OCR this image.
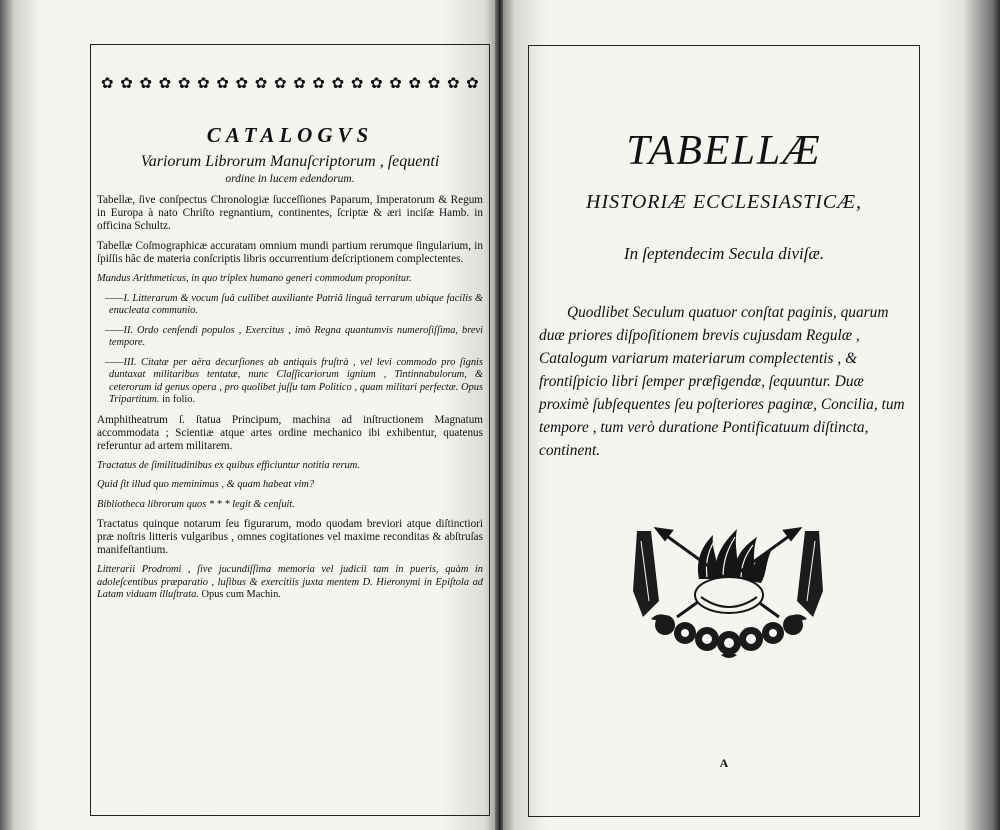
✿ ✿ ✿ ✿ ✿ ✿ ✿ ✿ ✿ ✿ ✿ ✿ ✿ ✿ ✿ ✿ ✿ ✿ ✿ ✿
CATALOGVS

Variorum Librorum Manuſcriptorum , ſequenti

ordine in lucem edendorum.

Tabellæ, ſive conſpectus Chronologiæ ſucceſſiones Paparum, Imperatorum & Regum in Europa à nato Chriſto regnantium, continentes, ſcriptæ & æri inciſæ Hamb. in officina Schultz.

Tabellæ Coſmographicæ accuratam omnium mundi partium rerumque ſingularium, in ſpiſſis hâc de materia conſcriptis libris occurrentium deſcriptionem complectentes.

Mundus Arithmeticus, in quo triplex humano generi commodum proponitur.

——I. Litterarum & vocum ſuâ cuilibet auxiliante Patriâ linguâ terrarum ubique facilis & enucleata communio.

——II. Ordo cenſendi populos , Exercitus , imò Regna quantumvis numeroſiſſima, brevi tempore.

——III. Citatæ per aëra decurſiones ab antiquis fruſtrà , vel levi commodo pro ſignis duntaxat militaribus tentatæ, nunc Claſſicariorum ignium , Tintinnabulorum, & ceterorum id genus opera , pro quolibet juſſu tam Politico , quam militari perfectæ. Opus Tripartitum. in folio.

Amphitheatrum ſ. ſtatua Principum, machina ad inſtructionem Magnatum accommodata ; Scientiæ atque artes ordine mechanico ibi exhibentur, quatenus referuntur ad artem militarem.

Tractatus de ſimilitudinibus ex quibus efficiuntur notitia rerum.

Quid ſit illud quo meminimus , & quam habeat vim?

Bibliotheca librorum quos * * * legit & cenſuit.

Tractatus quinque notarum ſeu figurarum, modo quodam breviori atque diſtinctiori præ noſtris litteris vulgaribus , omnes cogitationes vel maxime reconditas & abſtruſas manifeſtantium.

Litterarii Prodromi , ſive jucundiſſima memoria vel judicii tam in pueris, quàm in adoleſcentibus præparatio , luſibus & exercitiis juxta mentem D. Hieronymi in Epiſtola ad Latam viduam illuſtrata. Opus cum Machin.

TABELLÆ
HISTORIÆ ECCLESIASTICÆ,
In ſeptendecim Secula diviſæ.

Quodlibet Seculum quatuor conſtat paginis, quarum duæ priores diſpoſitionem brevis cujusdam Regulæ , Catalogum variarum materiarum complectentis , & frontiſpicio libri ſemper præfigendæ, ſequuntur. Duæ proximè ſubſequentes ſeu poſteriores paginæ, Concilia, tum tempore , tum verò duratione Pontificatuum diſtincta, continent.

A
